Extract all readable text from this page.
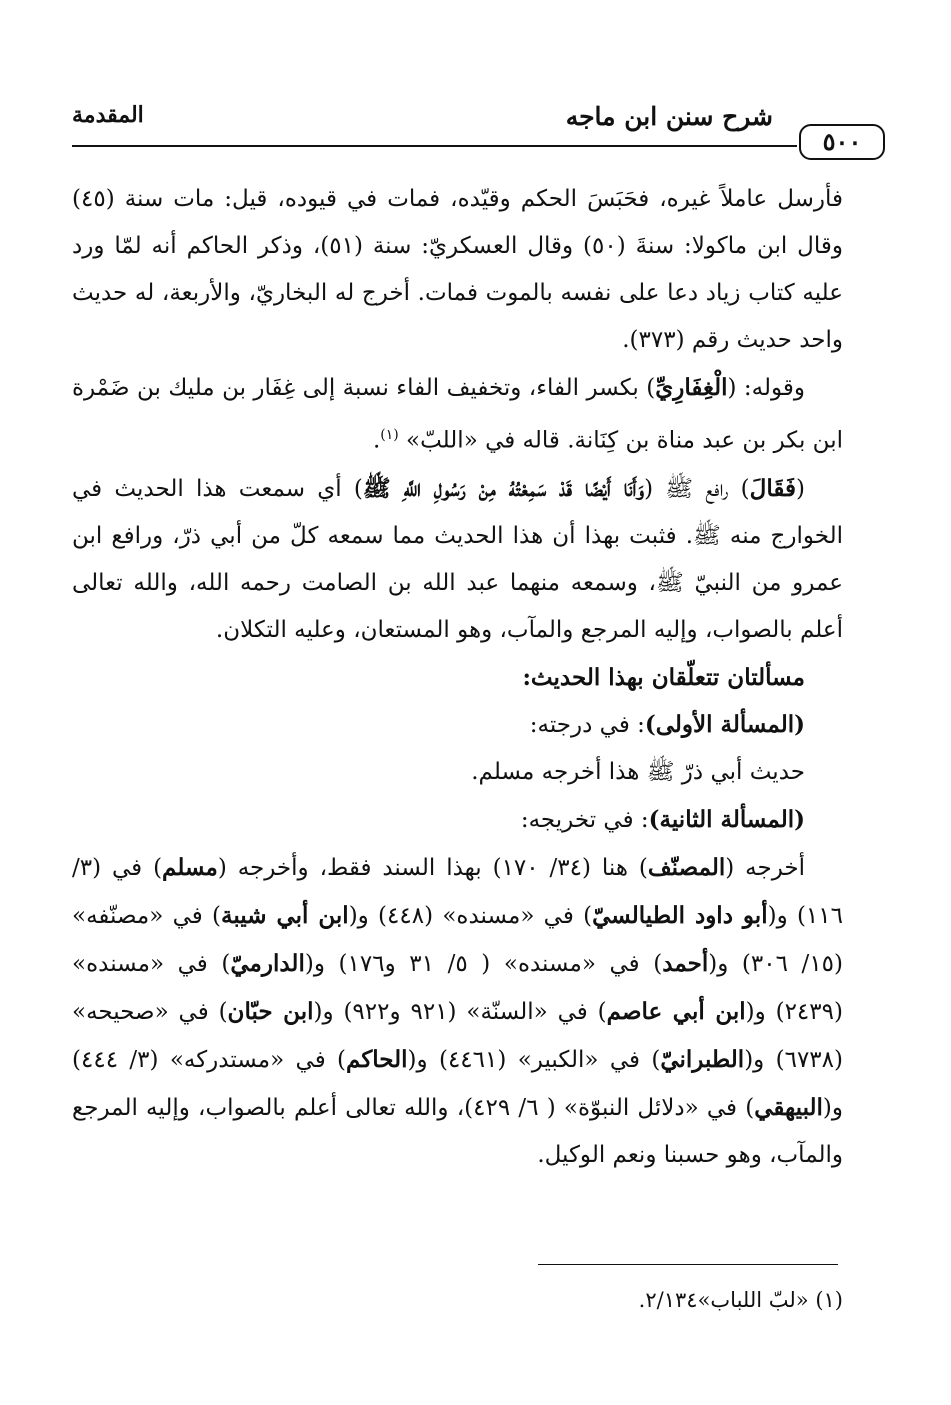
٥٠٠
شرح سنن ابن ماجه
المقدمة

فأرسل عاملاً غيره، فحَبَسَ الحكم وقيّده، فمات في قيوده، قيل: مات سنة (٤٥) وقال ابن ماكولا: سنةَ (٥٠) وقال العسكريّ: سنة (٥١)، وذكر الحاكم أنه لمّا ورد عليه كتاب زياد دعا على نفسه بالموت فمات. أخرج له البخاريّ، والأربعة، له حديث واحد حديث رقم (٣٧٣).

وقوله: (الْغِفَارِيِّ) بكسر الفاء، وتخفيف الفاء نسبة إلى غِفَار بن مليك بن ضَمْرة ابن بكر بن عبد مناة بن كِنَانة. قاله في «اللبّ» $^{(١)}$.

(فَقَالَ) رافع ﷺ (وَأَنَا أَيْضًا قَدْ سَمِعْتُهُ مِنْ رَسُولِ اللَّهِ ﷺ) أي سمعت هذا الحديث في الخوارج منه ﷺ. فثبت بهذا أن هذا الحديث مما سمعه كلّ من أبي ذرّ، ورافع ابن عمرو من النبيّ ﷺ، وسمعه منهما عبد الله بن الصامت رحمه الله، والله تعالى أعلم بالصواب، وإليه المرجع والمآب، وهو المستعان، وعليه التكلان.

مسألتان تتعلّقان بهذا الحديث:

(المسألة الأولى): في درجته:

حديث أبي ذرّ ﷺ هذا أخرجه مسلم.

(المسألة الثانية): في تخريجه:

أخرجه (المصنّف) هنا (٣٤/ ١٧٠) بهذا السند فقط، وأخرجه (مسلم) في (٣/ ١١٦) و(أبو داود الطيالسيّ) في «مسنده» (٤٤٨) و(ابن أبي شيبة) في «مصنّفه» (١٥/ ٣٠٦) و(أحمد) في «مسنده» ( ٥/ ٣١ و١٧٦) و(الدارميّ) في «مسنده» (٢٤٣٩) و(ابن أبي عاصم) في «السنّة» (٩٢١ و٩٢٢) و(ابن حبّان) في «صحيحه» (٦٧٣٨) و(الطبرانيّ) في «الكبير» (٤٤٦١) و(الحاكم) في «مستدركه» (٣/ ٤٤٤) و(البيهقي) في «دلائل النبوّة» ( ٦/ ٤٢٩)، والله تعالى أعلم بالصواب، وإليه المرجع والمآب، وهو حسبنا ونعم الوكيل.

(١) «لبّ اللباب»٢/١٣٤.
